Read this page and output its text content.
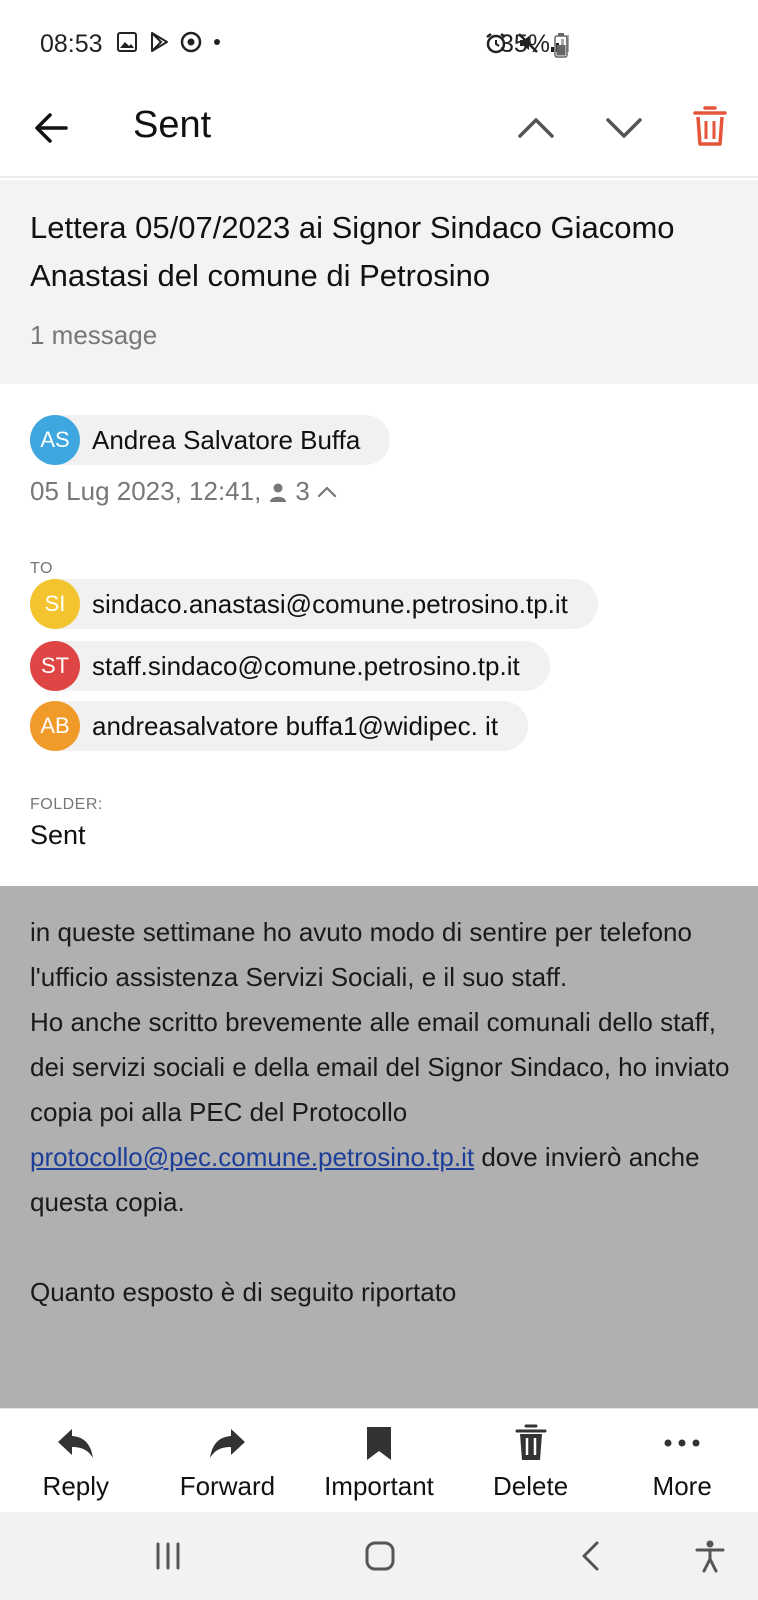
08:53	35%
Sent
Lettera 05/07/2023 ai Signor Sindaco Giacomo Anastasi del comune di Petrosino
1 message
AS Andrea Salvatore Buffa
05 Lug 2023, 12:41, 3
TO
SI sindaco.anastasi@comune.petrosino.tp.it
ST staff.sindaco@comune.petrosino.tp.it
AB andreasalvatore buffa1@widipec. it
FOLDER:
Sent
in queste settimane ho avuto modo di sentire per telefono l'ufficio assistenza Servizi Sociali, e il suo staff.
Ho anche scritto brevemente alle email comunali dello staff, dei servizi sociali e della email del Signor Sindaco, ho inviato copia poi alla PEC del Protocollo protocollo@pec.comune.petrosino.tp.it dove invierò anche questa copia.

Quanto esposto è di seguito riportato
Reply	Forward Important Delete	More
